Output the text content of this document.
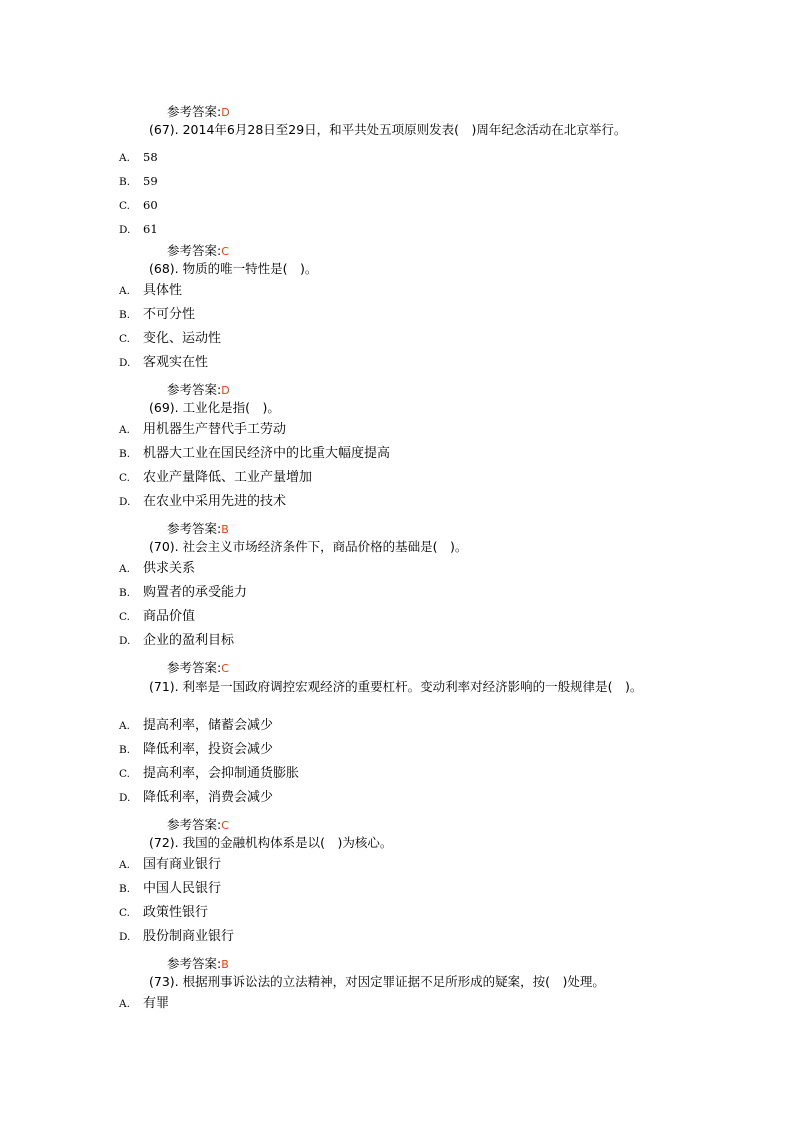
参考答案:D
(67). 2014年6月28日至29日，和平共处五项原则发表(　)周年纪念活动在北京举行。
A. 58
B. 59
C. 60
D. 61
参考答案:C
(68). 物质的唯一特性是(　)。
A. 具体性
B. 不可分性
C. 变化、运动性
D. 客观实在性
参考答案:D
(69). 工业化是指(　)。
A. 用机器生产替代手工劳动
B. 机器大工业在国民经济中的比重大幅度提高
C. 农业产量降低、工业产量增加
D. 在农业中采用先进的技术
参考答案:B
(70). 社会主义市场经济条件下，商品价格的基础是(　)。
A. 供求关系
B. 购置者的承受能力
C. 商品价值
D. 企业的盈利目标
参考答案:C
(71). 利率是一国政府调控宏观经济的重要杠杆。变动利率对经济影响的一般规律是(　)。
A. 提高利率，储蓄会减少
B. 降低利率，投资会减少
C. 提高利率，会抑制通货膨胀
D. 降低利率，消费会减少
参考答案:C
(72). 我国的金融机构体系是以(　)为核心。
A. 国有商业银行
B. 中国人民银行
C. 政策性银行
D. 股份制商业银行
参考答案:B
(73). 根据刑事诉讼法的立法精神，对因定罪证据不足所形成的疑案，按(　)处理。
A. 有罪
